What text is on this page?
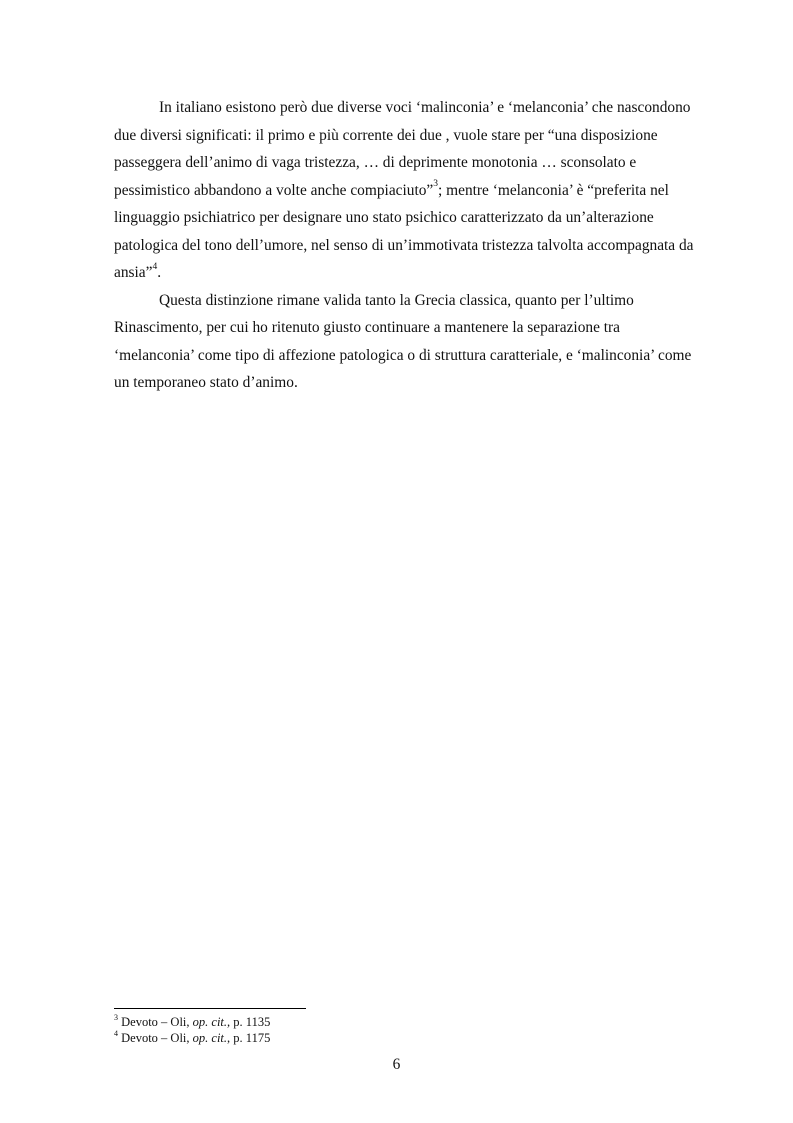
In italiano esistono però due diverse voci ‘malinconia’ e ‘melanconia’ che nascondono
due diversi significati: il primo e più corrente dei due , vuole stare per “una disposizione
passeggera dell’animo di vaga tristezza, … di deprimente monotonia … sconsolato e
pessimistico abbandono a volte anche compiaciuto”$^3$; mentre ‘melanconia’ è “preferita nel
linguaggio psichiatrico per designare uno stato psichico caratterizzato da un’alterazione
patologica del tono dell’umore, nel senso di un’immotivata tristezza talvolta accompagnata da
ansia”$^4$.

Questa distinzione rimane valida tanto la Grecia classica, quanto per l’ultimo
Rinascimento, per cui ho ritenuto giusto continuare a mantenere la separazione tra
‘melanconia’ come tipo di affezione patologica o di struttura caratteriale, e ‘malinconia’ come
un temporaneo stato d’animo.

$^3$ Devoto – Oli, op. cit., p. 1135
$^4$ Devoto – Oli, op. cit., p. 1175
6
